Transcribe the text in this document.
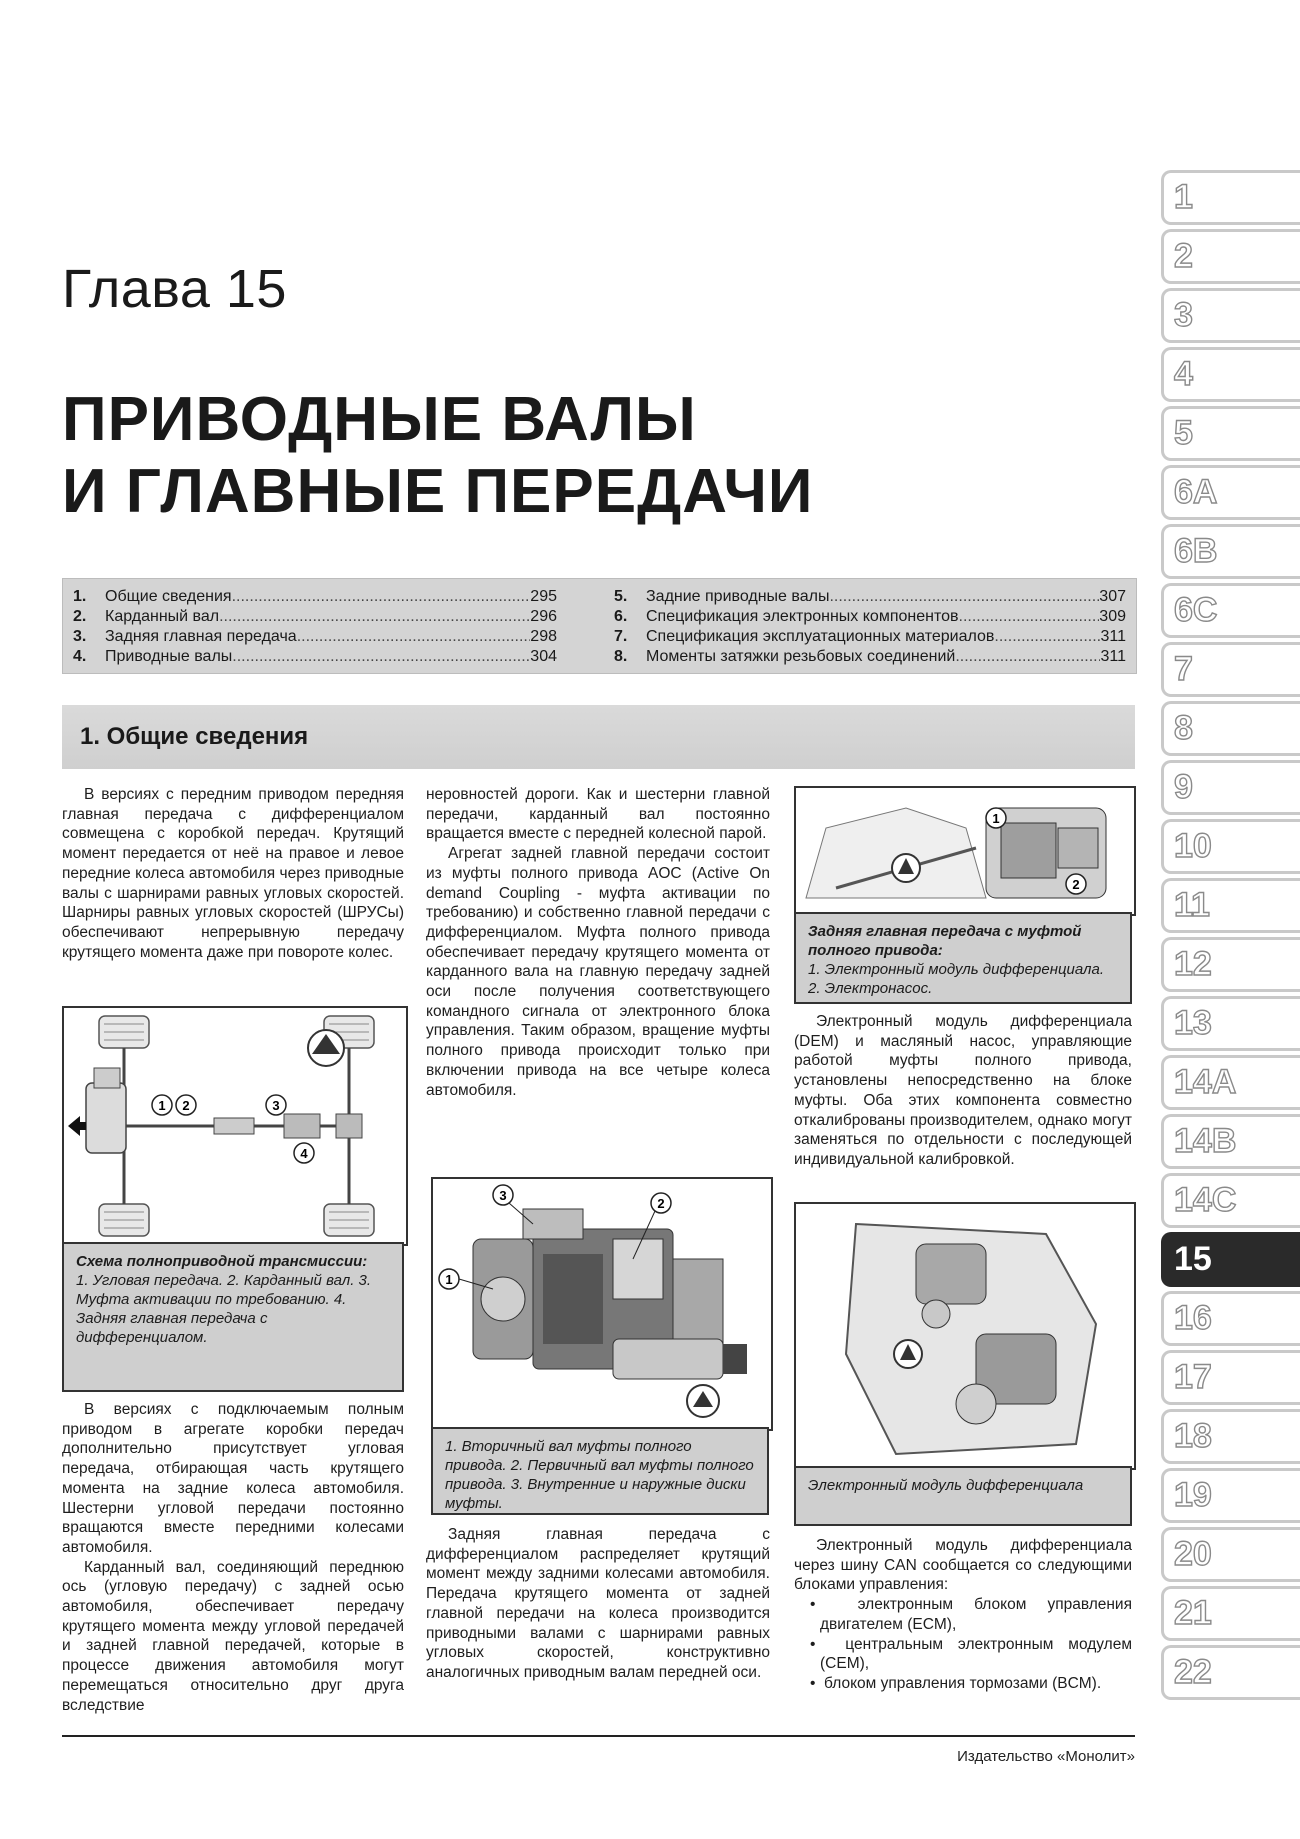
Глава 15
ПРИВОДНЫЕ ВАЛЫ
И ГЛАВНЫЕ ПЕРЕДАЧИ
1.	Общие сведения .....	295
2.	Карданный вал .....	296
3.	Задняя главная передача .....	298
4.	Приводные валы .....	304
5.	Задние приводные валы .....	307
6.	Спецификация электронных компонентов .....	309
7.	Спецификация эксплуатационных материалов .....	311
8.	Моменты затяжки резьбовых соединений .....	311
1. Общие сведения

В версиях с передним приводом передняя главная передача с дифференциалом совмещена с коробкой передач. Крутящий момент передается от неё на правое и левое передние колеса автомобиля через приводные валы с шарнирами равных угловых скоростей. Шарниры равных угловых скоростей (ШРУСы) обеспечивают непрерывную передачу крутящего момента даже при повороте колес.

1 2	3
4
Схема полноприводной трансмиссии:
1. Угловая передача. 2. Карданный вал. 3. Муфта активации по требованию. 4. Задняя главная передача с дифференциалом.

В версиях с подключаемым полным приводом в агрегате коробки передач дополнительно присутствует угловая передача, отбирающая часть крутящего момента на задние колеса автомобиля. Шестерни угловой передачи постоянно вращаются вместе передними колесами автомобиля.

Карданный вал, соединяющий переднюю ось (угловую передачу) с задней осью автомобиля, обеспечивает передачу крутящего момента между угловой передачей и задней главной передачей, которые в процессе движения автомобиля могут перемещаться относительно друг друга вследствие

неровностей дороги. Как и шестерни главной передачи, карданный вал постоянно вращается вместе с передней колесной парой.

Агрегат задней главной передачи состоит из муфты полного привода AOC (Active On demand Coupling - муфта активации по требованию) и собственно главной передачи с дифференциалом. Муфта полного привода обеспечивает передачу крутящего момента от карданного вала на главную передачу задней оси после получения соответствующего командного сигнала от электронного блока управления. Таким образом, вращение муфты полного привода происходит только при включении привода на все четыре колеса автомобиля.

1
2
3
1. Вторичный вал муфты полного привода. 2. Первичный вал муфты полного привода. 3. Внутренние и наружные диски муфты.

Задняя главная передача с дифференциалом распределяет крутящий момент между задними колесами автомобиля. Передача крутящего момента от задней главной передачи на колеса производится приводными валами с шарнирами равных угловых скоростей, конструктивно аналогичных приводным валам передней оси.

1
2
Задняя главная передача с муфтой полного привода:
1. Электронный модуль дифференциала. 2. Электронасос.

Электронный модуль дифференциала (DEM) и масляный насос, управляющие работой муфты полного привода, установлены непосредственно на блоке муфты. Оба этих компонента совместно откалиброваны производителем, однако могут заменяться по отдельности с последующей индивидуальной калибровкой.

Электронный модуль дифференциала

Электронный модуль дифференциала через шину CAN сообщается со следующими блоками управления:

•  электронным блоком управления двигателем (ECM),

•  центральным электронным модулем (CEM),

•  блоком управления тормозами (BCM).

Издательство «Монолит»
1
2
3
4
5
6A
6B
6C
7
8
9
10
11
12
13
14A
14B
14C
15
16
17
18
19
20
21
22
